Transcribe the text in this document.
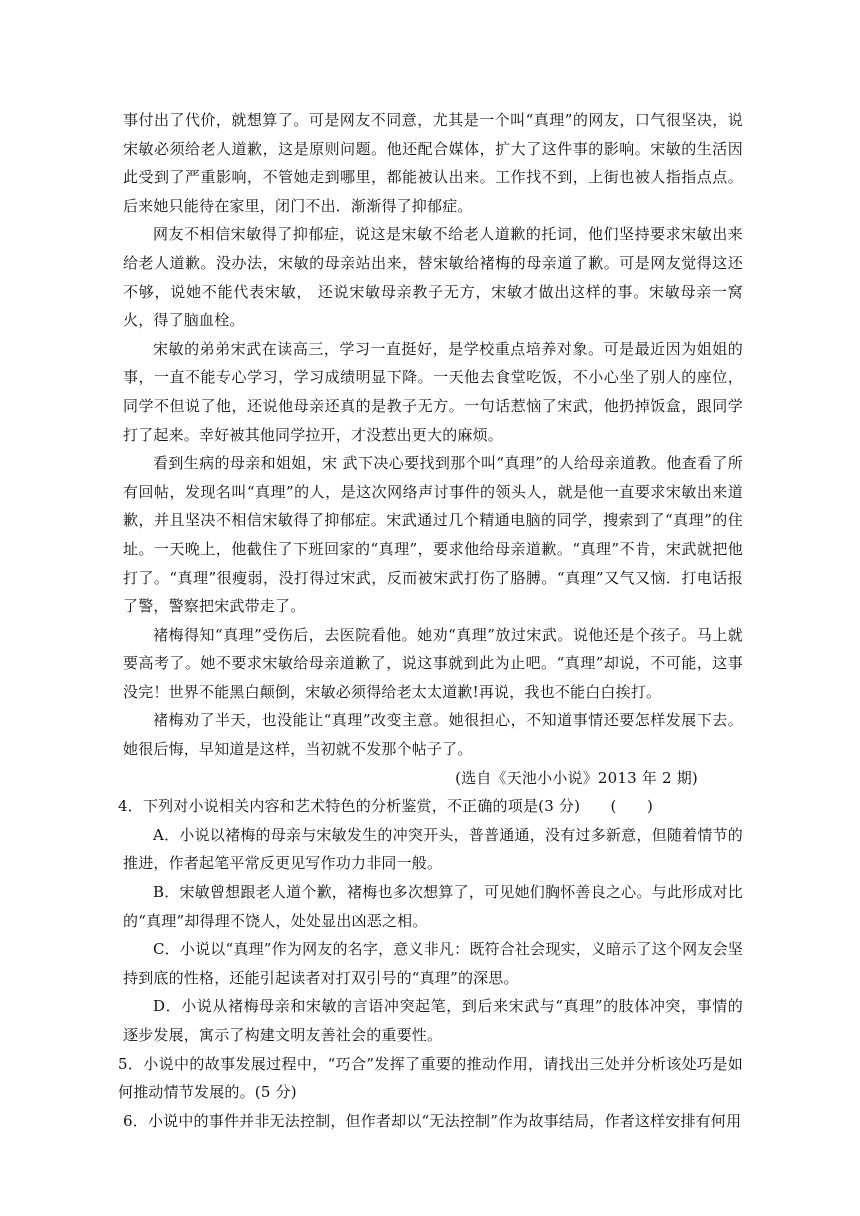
事付出了代价，就想算了。可是网友不同意，尤其是一个叫“真理”的网友，口气很坚决，说宋敏必须给老人道歉，这是原则问题。他还配合媒体，扩大了这件事的影响。宋敏的生活因此受到了严重影响，不管她走到哪里，都能被认出来。工作找不到，上街也被人指指点点。后来她只能待在家里，闭门不出．渐渐得了抑郁症。

网友不相信宋敏得了抑郁症，说这是宋敏不给老人道歉的托词，他们坚持要求宋敏出来给老人道歉。没办法，宋敏的母亲站出来，替宋敏给褚梅的母亲道了歉。可是网友觉得这还不够，说她不能代表宋敏， 还说宋敏母亲教子无方，宋敏才做出这样的事。宋敏母亲一窝火，得了脑血栓。

宋敏的弟弟宋武在读高三，学习一直挺好，是学校重点培养对象。可是最近因为姐姐的事，一直不能专心学习，学习成绩明显下降。一天他去食堂吃饭，不小心坐了别人的座位，同学不但说了他，还说他母亲还真的是教子无方。一句话惹恼了宋武，他扔掉饭盒，跟同学打了起来。幸好被其他同学拉开，才没惹出更大的麻烦。

看到生病的母亲和姐姐，宋 武下决心要找到那个叫“真理”的人给母亲道教。他查看了所有回帖，发现名叫“真理”的人，是这次网络声讨事件的领头人，就是他一直要求宋敏出来道歉，并且坚决不相信宋敏得了抑郁症。宋武通过几个精通电脑的同学，搜索到了“真理”的住址。一天晚上，他截住了下班回家的“真理”，要求他给母亲道歉。“真理”不肯，宋武就把他打了。“真理”很瘦弱，没打得过宋武，反而被宋武打伤了胳膊。“真理”又气又恼．打电话报了警，警察把宋武带走了。

褚梅得知“真理”受伤后，去医院看他。她劝“真理”放过宋武。说他还是个孩子。马上就要高考了。她不要求宋敏给母亲道歉了，说这事就到此为止吧。“真理”却说，不可能，这事没完！世界不能黑白颠倒，宋敏必须得给老太太道歉!再说，我也不能白白挨打。

褚梅劝了半天，也没能让“真理”改变主意。她很担心，不知道事情还要怎样发展下去。她很后悔，早知道是这样，当初就不发那个帖子了。

(选自《天池小小说》2013 年 2 期)

4．下列对小说相关内容和艺术特色的分析鉴赏，不正确的项是(3 分)　　(　　)

A．小说以褚梅的母亲与宋敏发生的冲突开头，普普通通，没有过多新意，但随着情节的推进，作者起笔平常反更见写作功力非同一般。

B．宋敏曾想跟老人道个歉，褚梅也多次想算了，可见她们胸怀善良之心。与此形成对比的“真理”却得理不饶人，处处显出凶恶之相。

C．小说以“真理”作为网友的名字，意义非凡：既符合社会现实，义暗示了这个网友会坚持到底的性格，还能引起读者对打双引号的“真理”的深思。

D．小说从褚梅母亲和宋敏的言语冲突起笔，到后来宋武与“真理”的肢体冲突，事情的逐步发展，寓示了构建文明友善社会的重要性。

5．小说中的故事发展过程中，“巧合”发挥了重要的推动作用，请找出三处并分析该处巧是如何推动情节发展的。(5 分)

6．小说中的事件并非无法控制，但作者却以“无法控制”作为故事结局，作者这样安排有何用
